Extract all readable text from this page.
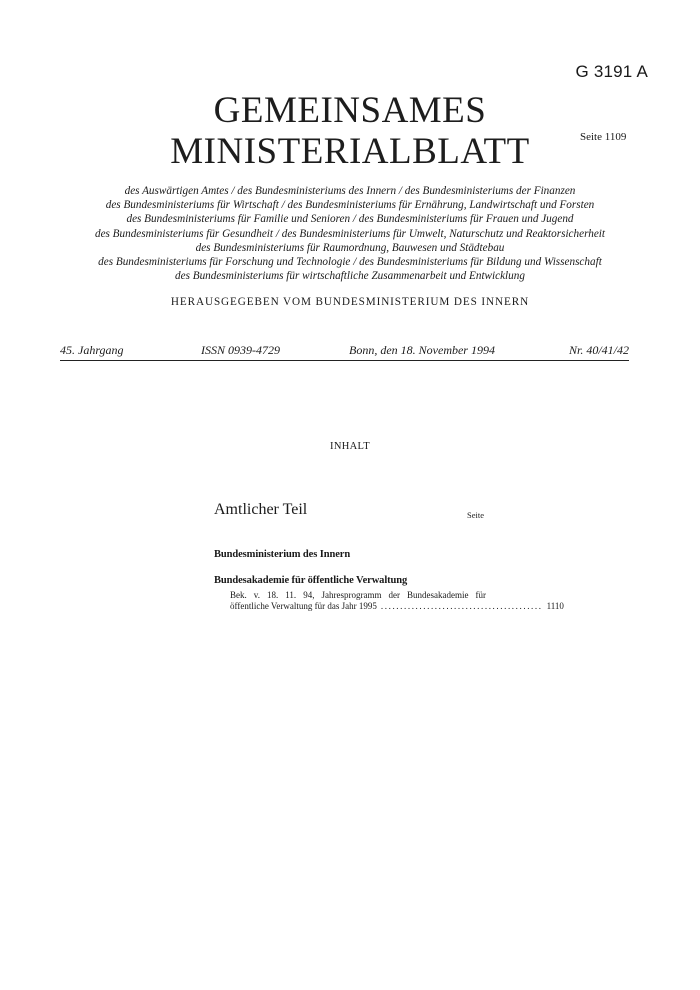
G 3191 A
GEMEINSAMES
MINISTERIALBLATT	Seite 1109
des Auswärtigen Amtes / des Bundesministeriums des Innern / des Bundesministeriums der Finanzen
des Bundesministeriums für Wirtschaft / des Bundesministeriums für Ernährung, Landwirtschaft und Forsten
des Bundesministeriums für Familie und Senioren / des Bundesministeriums für Frauen und Jugend
des Bundesministeriums für Gesundheit / des Bundesministeriums für Umwelt, Naturschutz und Reaktorsicherheit
des Bundesministeriums für Raumordnung, Bauwesen und Städtebau
des Bundesministeriums für Forschung und Technologie / des Bundesministeriums für Bildung und Wissenschaft
des Bundesministeriums für wirtschaftliche Zusammenarbeit und Entwicklung
HERAUSGEGEBEN VOM BUNDESMINISTERIUM DES INNERN
45. Jahrgang	ISSN 0939-4729	Bonn, den 18. November 1994	Nr. 40/41/42
INHALT
Amtlicher Teil	Seite
Bundesministerium des Innern
Bundesakademie für öffentliche Verwaltung
Bek. v. 18. 11. 94, Jahresprogramm der Bundesakademie für
öffentliche Verwaltung für das Jahr 1995 .......................................... 1110
